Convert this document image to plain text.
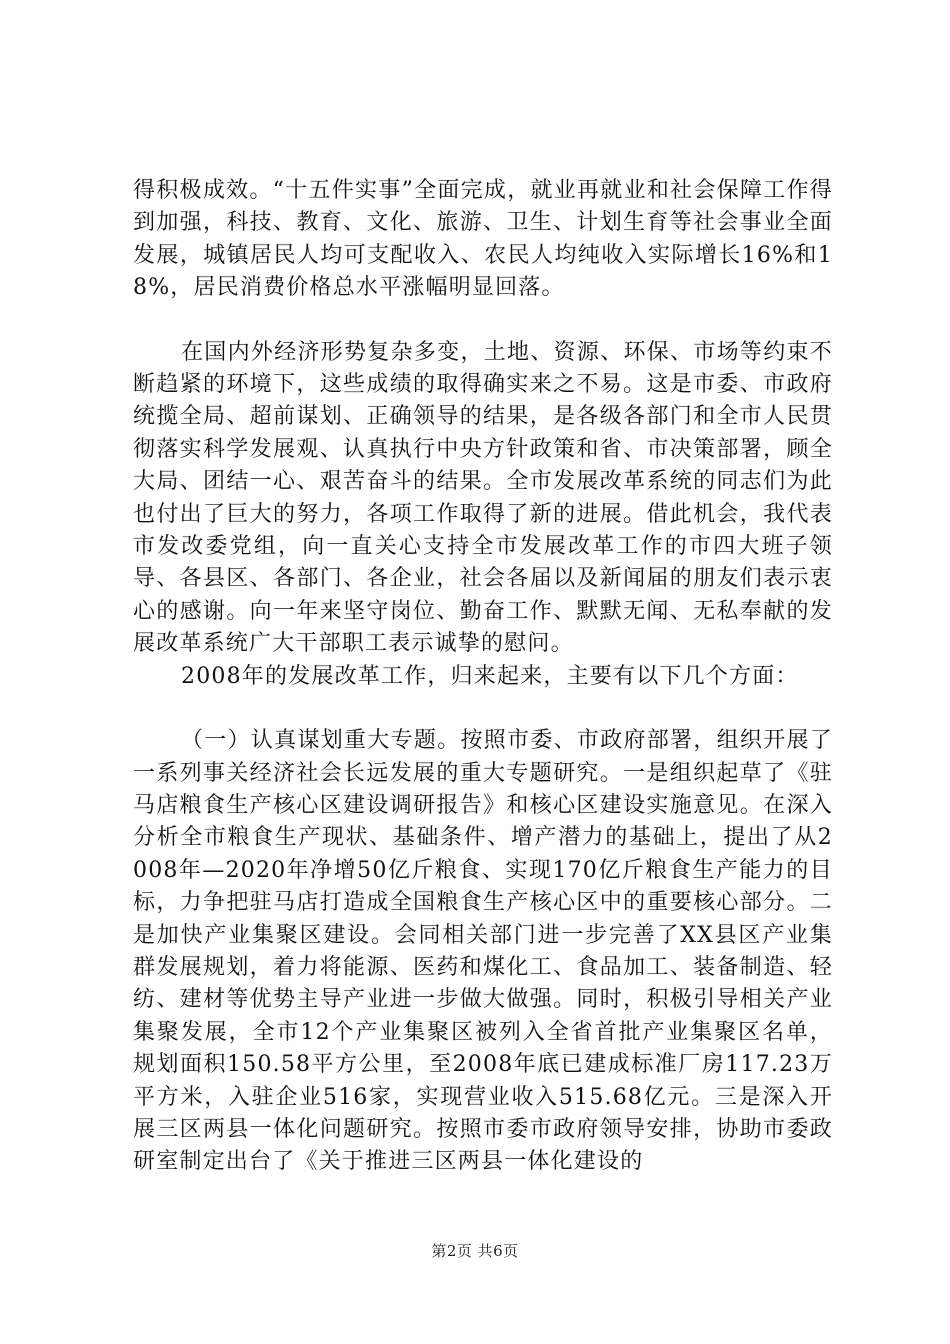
得积极成效。“十五件实事”全面完成，就业再就业和社会保障工作得到加强，科技、教育、文化、旅游、卫生、计划生育等社会事业全面发展，城镇居民人均可支配收入、农民人均纯收入实际增长16%和18%，居民消费价格总水平涨幅明显回落。

在国内外经济形势复杂多变，土地、资源、环保、市场等约束不断趋紧的环境下，这些成绩的取得确实来之不易。这是市委、市政府统揽全局、超前谋划、正确领导的结果，是各级各部门和全市人民贯彻落实科学发展观、认真执行中央方针政策和省、市决策部署，顾全大局、团结一心、艰苦奋斗的结果。全市发展改革系统的同志们为此也付出了巨大的努力，各项工作取得了新的进展。借此机会，我代表市发改委党组，向一直关心支持全市发展改革工作的市四大班子领导、各县区、各部门、各企业，社会各届以及新闻届的朋友们表示衷心的感谢。向一年来坚守岗位、勤奋工作、默默无闻、无私奉献的发展改革系统广大干部职工表示诚挚的慰问。

2008年的发展改革工作，归来起来，主要有以下几个方面：

（一）认真谋划重大专题。按照市委、市政府部署，组织开展了一系列事关经济社会长远发展的重大专题研究。一是组织起草了《驻马店粮食生产核心区建设调研报告》和核心区建设实施意见。在深入分析全市粮食生产现状、基础条件、增产潜力的基础上，提出了从2008年—2020年净增50亿斤粮食、实现170亿斤粮食生产能力的目标，力争把驻马店打造成全国粮食生产核心区中的重要核心部分。二是加快产业集聚区建设。会同相关部门进一步完善了XX县区产业集群发展规划，着力将能源、医药和煤化工、食品加工、装备制造、轻纺、建材等优势主导产业进一步做大做强。同时，积极引导相关产业集聚发展，全市12个产业集聚区被列入全省首批产业集聚区名单，规划面积150.58平方公里，至2008年底已建成标准厂房117.23万平方米，入驻企业516家，实现营业收入515.68亿元。三是深入开展三区两县一体化问题研究。按照市委市政府领导安排，协助市委政研室制定出台了《关于推进三区两县一体化建设的

第2页 共6页
